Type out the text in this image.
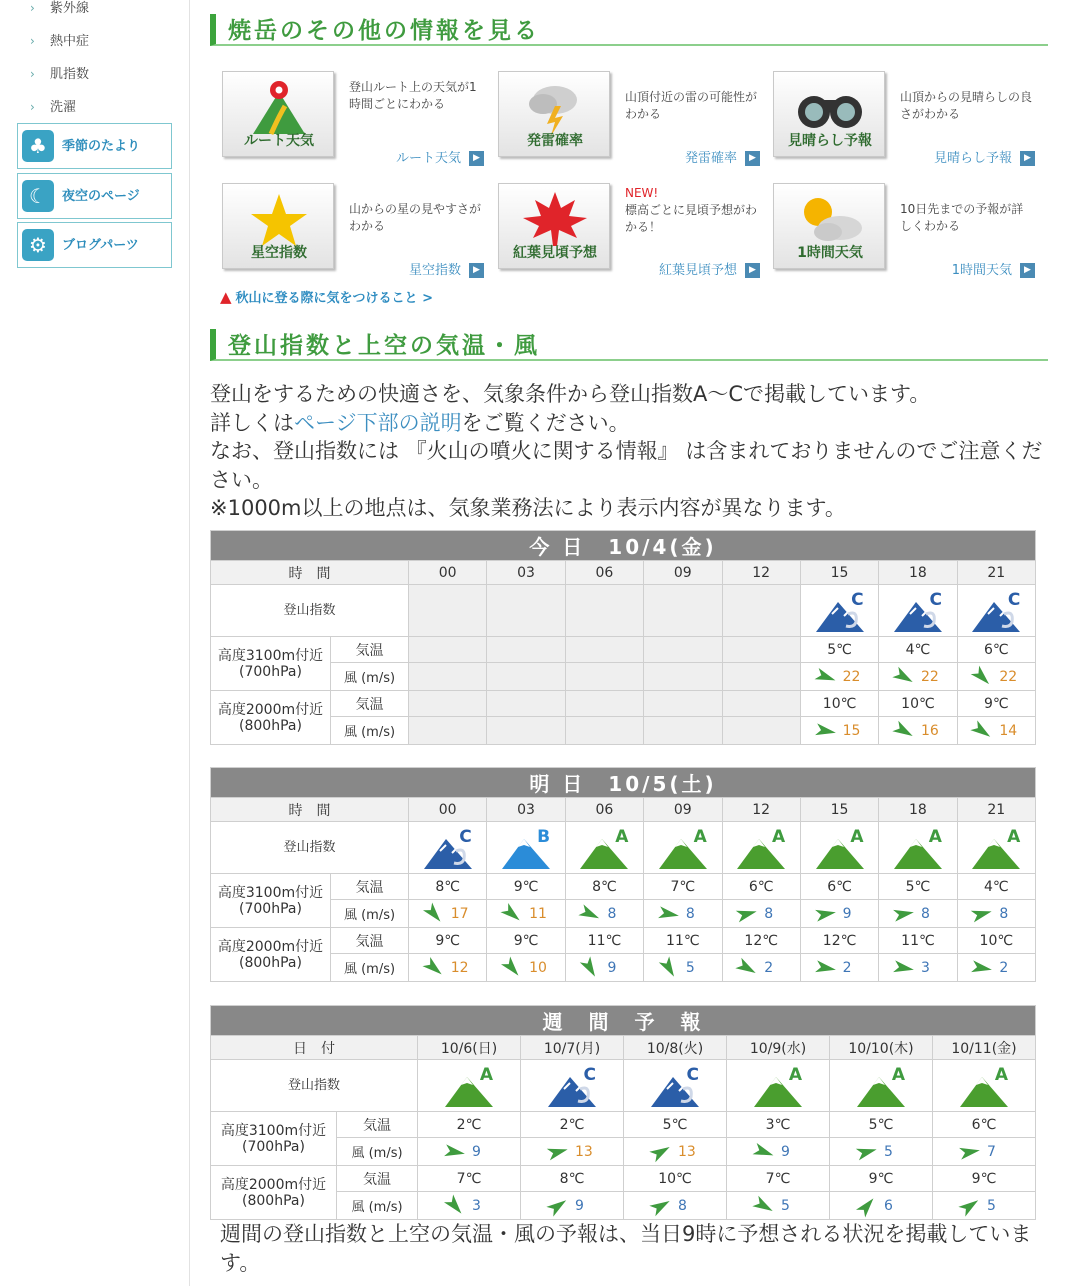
› 紫外線
› 熱中症
› 肌指数
› 洗濯
♣	季節のたより
☾	夜空のページ
⚙	ブログパーツ
焼岳のその他の情報を見る
ルート天気
登山ルート上の天気が1時間ごとにわかる
ルート天気 ▶
発雷確率
山頂付近の雷の可能性がわかる
発雷確率 ▶
見晴らし予報
山頂からの見晴らしの良さがわかる
見晴らし予報 ▶
星空指数
山からの星の見やすさがわかる
星空指数 ▶
紅葉見頃予想
NEW!
標高ごとに見頃予想がわかる！
紅葉見頃予想 ▶
1時間天気
10日先までの予報が詳しくわかる
1時間天気 ▶
▲ 秋山に登る際に気をつけること >
登山指数と上空の気温・風
登山をするための快適さを、気象条件から登山指数A〜Cで掲載しています。
詳しくはページ下部の説明をご覧ください。
なお、登山指数には 『火山の噴火に関する情報』 は含まれておりませんのでご注意ください。
※1000m以上の地点は、気象業務法により表示内容が異なります。
今 日　10/4(金)									
時　間		00	03	06	09	12	15	18	21
登山指数							C	C	C

高度3100m付近
(700hPa)	気温						5℃	4℃	6℃
	風 (m/s)						22	22	22

高度2000m付近
(800hPa)	気温						10℃	10℃	9℃
	風 (m/s)						15	16	14
明 日　10/5(土)									
時　間		00	03	06	09	12	15	18	21
登山指数		C	B	A	A	A	A	A	A

高度3100m付近
(700hPa)	気温	8℃	9℃	8℃	7℃	6℃	6℃	5℃	4℃
	風 (m/s)	17	11	8	8	8	9	8	8

高度2000m付近
(800hPa)	気温	9℃	9℃	11℃	11℃	12℃	12℃	11℃	10℃
	風 (m/s)	12	10	9	5	2	2	3	2
週　間　予　報							
日　付		10/6(日)	10/7(月)	10/8(火)	10/9(水)	10/10(木)	10/11(金)
登山指数		A	C	C	A	A	A

高度3100m付近
(700hPa)	気温	2℃	2℃	5℃	3℃	5℃	6℃
	風 (m/s)	9	13	13	9	5	7

高度2000m付近
(800hPa)	気温	7℃	8℃	10℃	7℃	9℃	9℃
	風 (m/s)	3	9	8	5	6	5
週間の登山指数と上空の気温・風の予報は、当日9時に予想される状況を掲載しています。
